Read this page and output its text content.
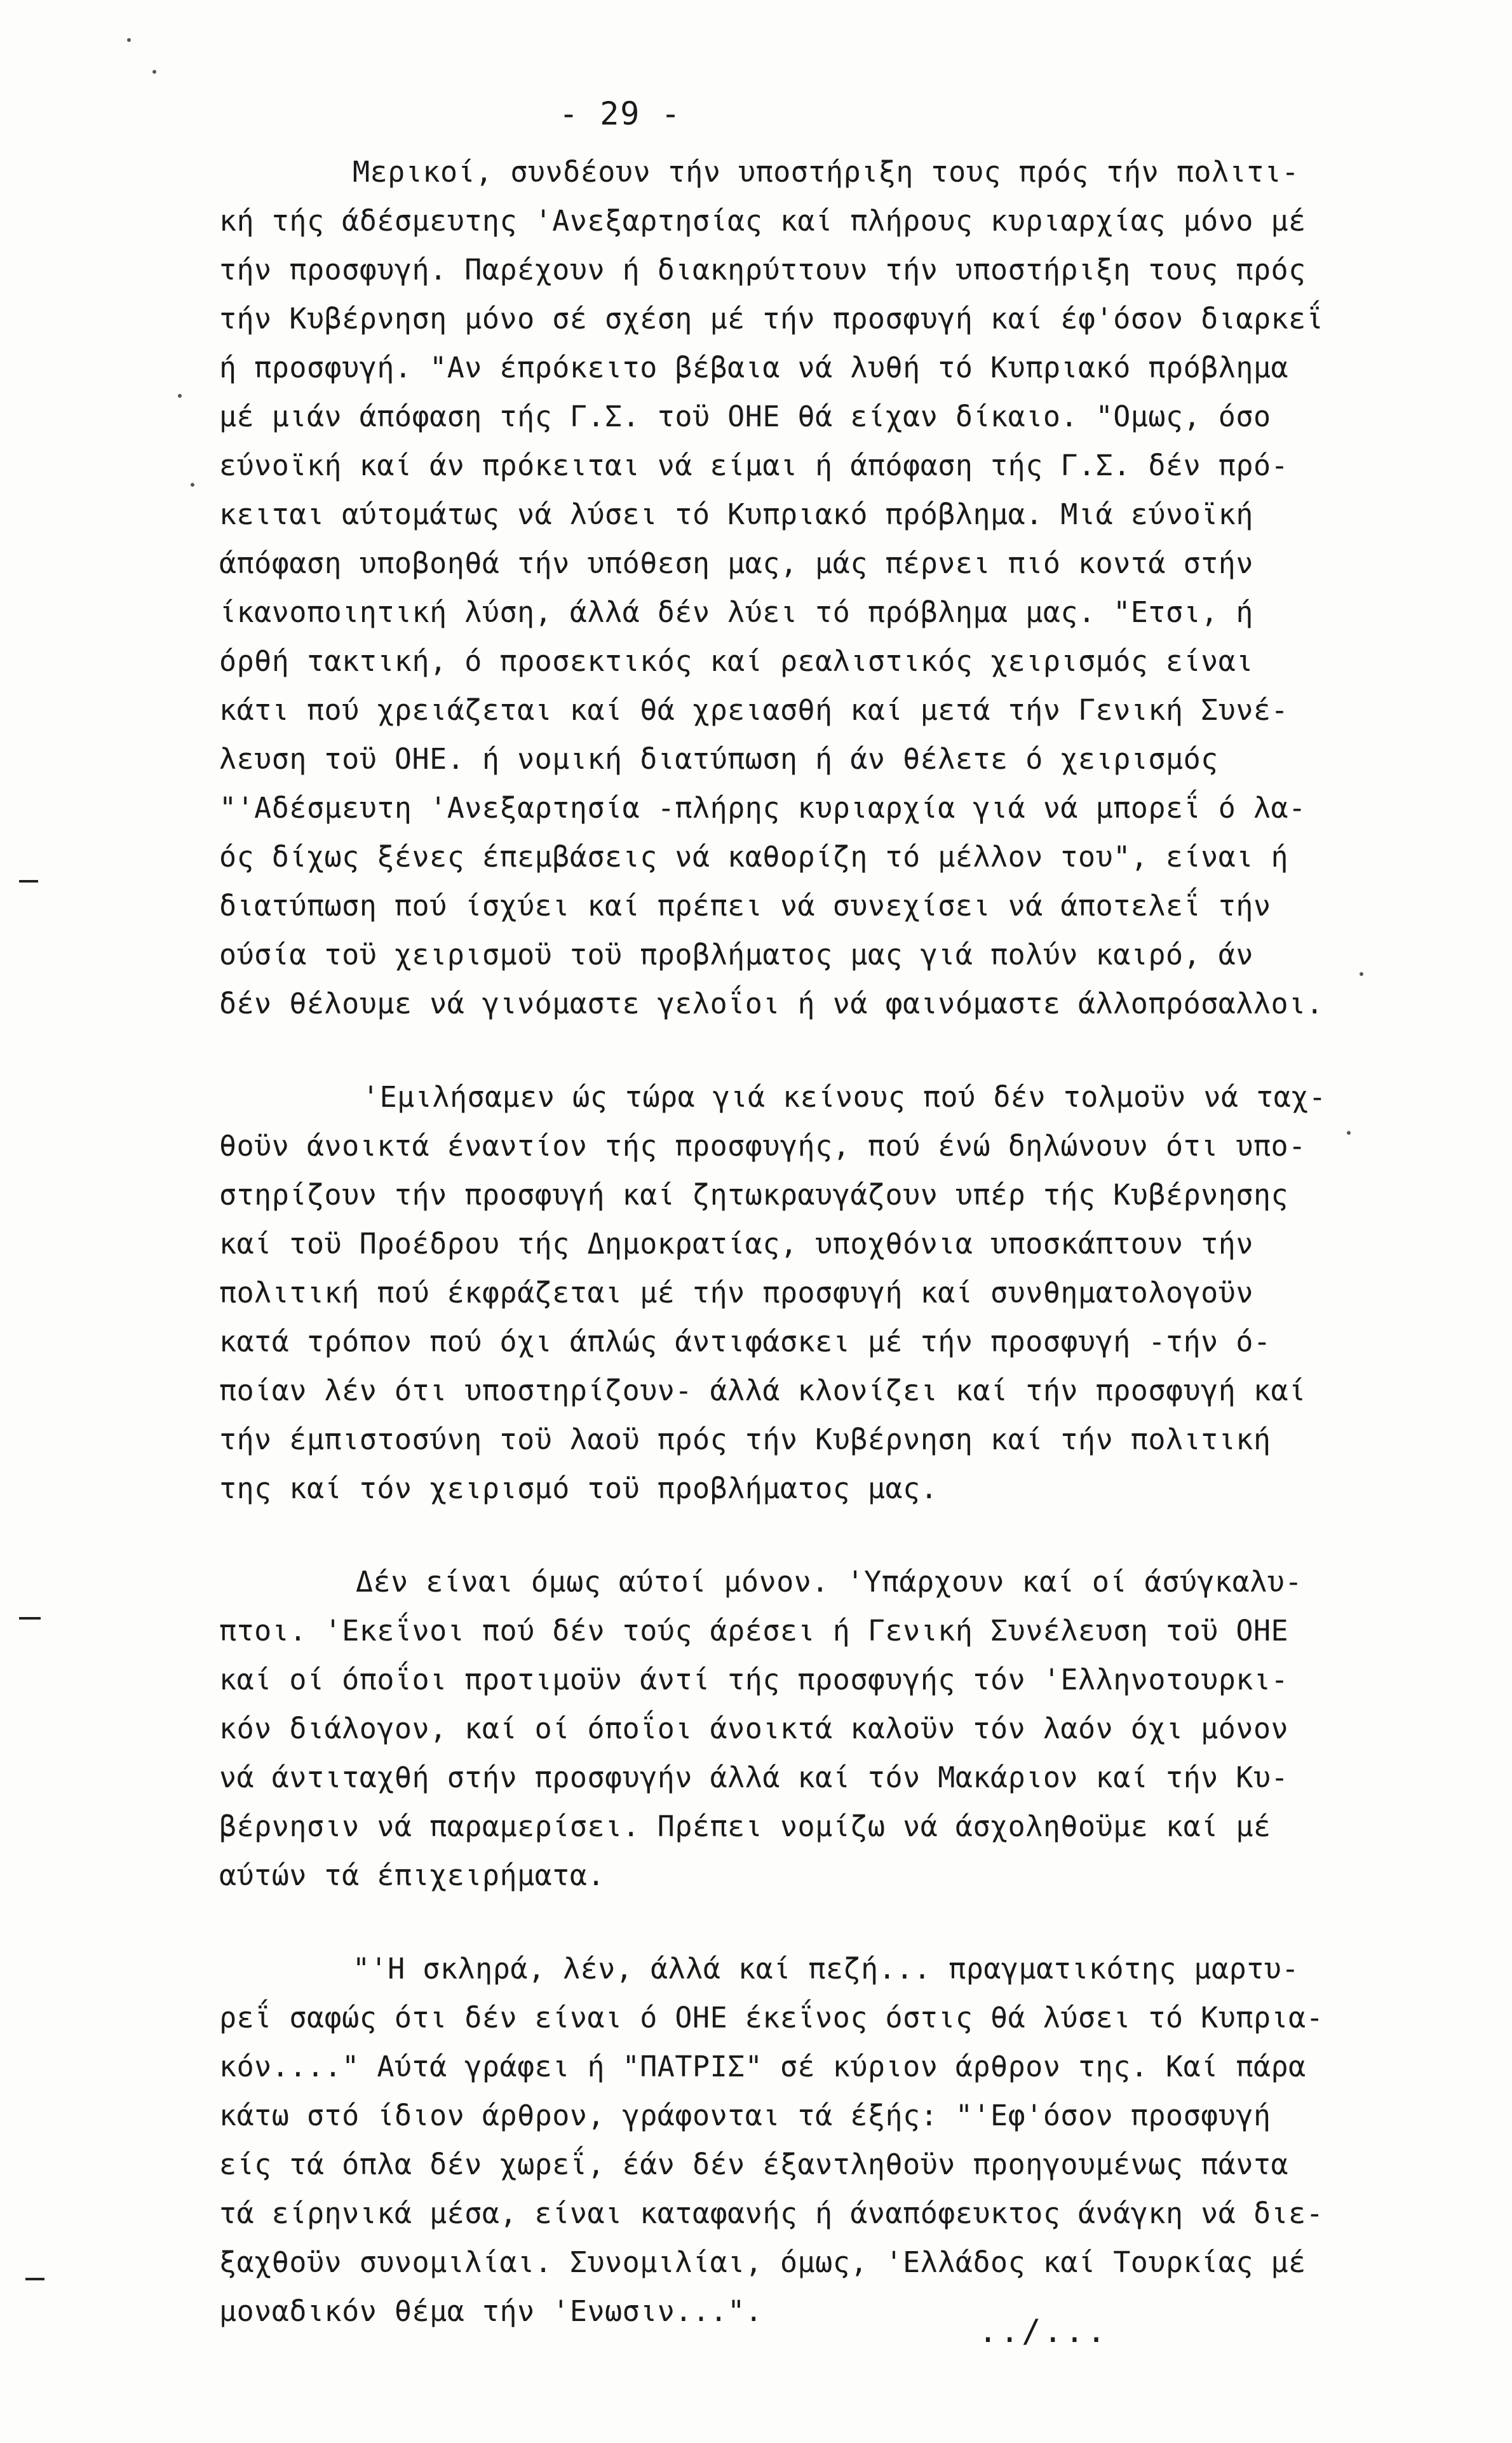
- 29 -
Μερικοί, συνδέουν τήν υποστήριξη τους πρός τήν πολιτι-
κή τής άδέσμευτης 'Ανεξαρτησίας καί πλήρους κυριαρχίας μόνο μέ
τήν προσφυγή. Παρέχουν ή διακηρύττουν τήν υποστήριξη τους πρός
τήν Κυβέρνηση μόνο σέ σχέση μέ τήν προσφυγή καί έφ'όσον διαρκεΐ
ή προσφυγή. "Αν έπρόκειτο βέβαια νά λυθή τό Κυπριακό πρόβλημα
μέ μιάν άπόφαση τής Γ.Σ. τοϋ ΟΗΕ θά είχαν δίκαιο. "Ομως, όσο
εύνοϊκή καί άν πρόκειται νά είμαι ή άπόφαση τής Γ.Σ. δέν πρό-
κειται αύτομάτως νά λύσει τό Κυπριακό πρόβλημα. Μιά εύνοϊκή
άπόφαση υποβοηθά τήν υπόθεση μας, μάς πέρνει πιό κοντά στήν
ίκανοποιητική λύση, άλλά δέν λύει τό πρόβλημα μας. "Ετσι, ή
όρθή τακτική, ό προσεκτικός καί ρεαλιστικός χειρισμός είναι
κάτι πού χρειάζεται καί θά χρειασθή καί μετά τήν Γενική Συνέ-
λευση τοϋ ΟΗΕ. ή νομική διατύπωση ή άν θέλετε ό χειρισμός
"'Αδέσμευτη 'Ανεξαρτησία -πλήρης κυριαρχία γιά νά μπορεΐ ό λα-
ός δίχως ξένες έπεμβάσεις νά καθορίζη τό μέλλον του", είναι ή
διατύπωση πού ίσχύει καί πρέπει νά συνεχίσει νά άποτελεΐ τήν
ούσία τοϋ χειρισμοϋ τοϋ προβλήματος μας γιά πολύν καιρό, άν
δέν θέλουμε νά γινόμαστε γελοΐοι ή νά φαινόμαστε άλλοπρόσαλλοι.
'Εμιλήσαμεν ώς τώρα γιά κείνους πού δέν τολμοϋν νά ταχ-
θοϋν άνοικτά έναντίον τής προσφυγής, πού ένώ δηλώνουν ότι υπο-
στηρίζουν τήν προσφυγή καί ζητωκραυγάζουν υπέρ τής Κυβέρνησης
καί τοϋ Προέδρου τής Δημοκρατίας, υποχθόνια υποσκάπτουν τήν
πολιτική πού έκφράζεται μέ τήν προσφυγή καί συνθηματολογοϋν
κατά τρόπον πού όχι άπλώς άντιφάσκει μέ τήν προσφυγή -τήν ό-
ποίαν λέν ότι υποστηρίζουν- άλλά κλονίζει καί τήν προσφυγή καί
τήν έμπιστοσύνη τοϋ λαοϋ πρός τήν Κυβέρνηση καί τήν πολιτική
της καί τόν χειρισμό τοϋ προβλήματος μας.
Δέν είναι όμως αύτοί μόνον. 'Υπάρχουν καί οί άσύγκαλυ-
πτοι. 'Εκεΐνοι πού δέν τούς άρέσει ή Γενική Συνέλευση τοϋ ΟΗΕ
καί οί όποΐοι προτιμοϋν άντί τής προσφυγής τόν 'Ελληνοτουρκι-
κόν διάλογον, καί οί όποΐοι άνοικτά καλοϋν τόν λαόν όχι μόνον
νά άντιταχθή στήν προσφυγήν άλλά καί τόν Μακάριον καί τήν Κυ-
βέρνησιν νά παραμερίσει. Πρέπει νομίζω νά άσχοληθοϋμε καί μέ
αύτών τά έπιχειρήματα.
"'Η σκληρά, λέν, άλλά καί πεζή... πραγματικότης μαρτυ-
ρεΐ σαφώς ότι δέν είναι ό ΟΗΕ έκεΐνος όστις θά λύσει τό Κυπρια-
κόν...." Αύτά γράφει ή "ΠΑΤΡΙΣ" σέ κύριον άρθρον της. Καί πάρα
κάτω στό ίδιον άρθρον, γράφονται τά έξής: "'Εφ'όσον προσφυγή
είς τά όπλα δέν χωρεΐ, έάν δέν έξαντληθοϋν προηγουμένως πάντα
τά είρηνικά μέσα, είναι καταφανής ή άναπόφευκτος άνάγκη νά διε-
ξαχθοϋν συνομιλίαι. Συνομιλίαι, όμως, 'Ελλάδος καί Τουρκίας μέ
μοναδικόν θέμα τήν 'Ενωσιν...".
../...
